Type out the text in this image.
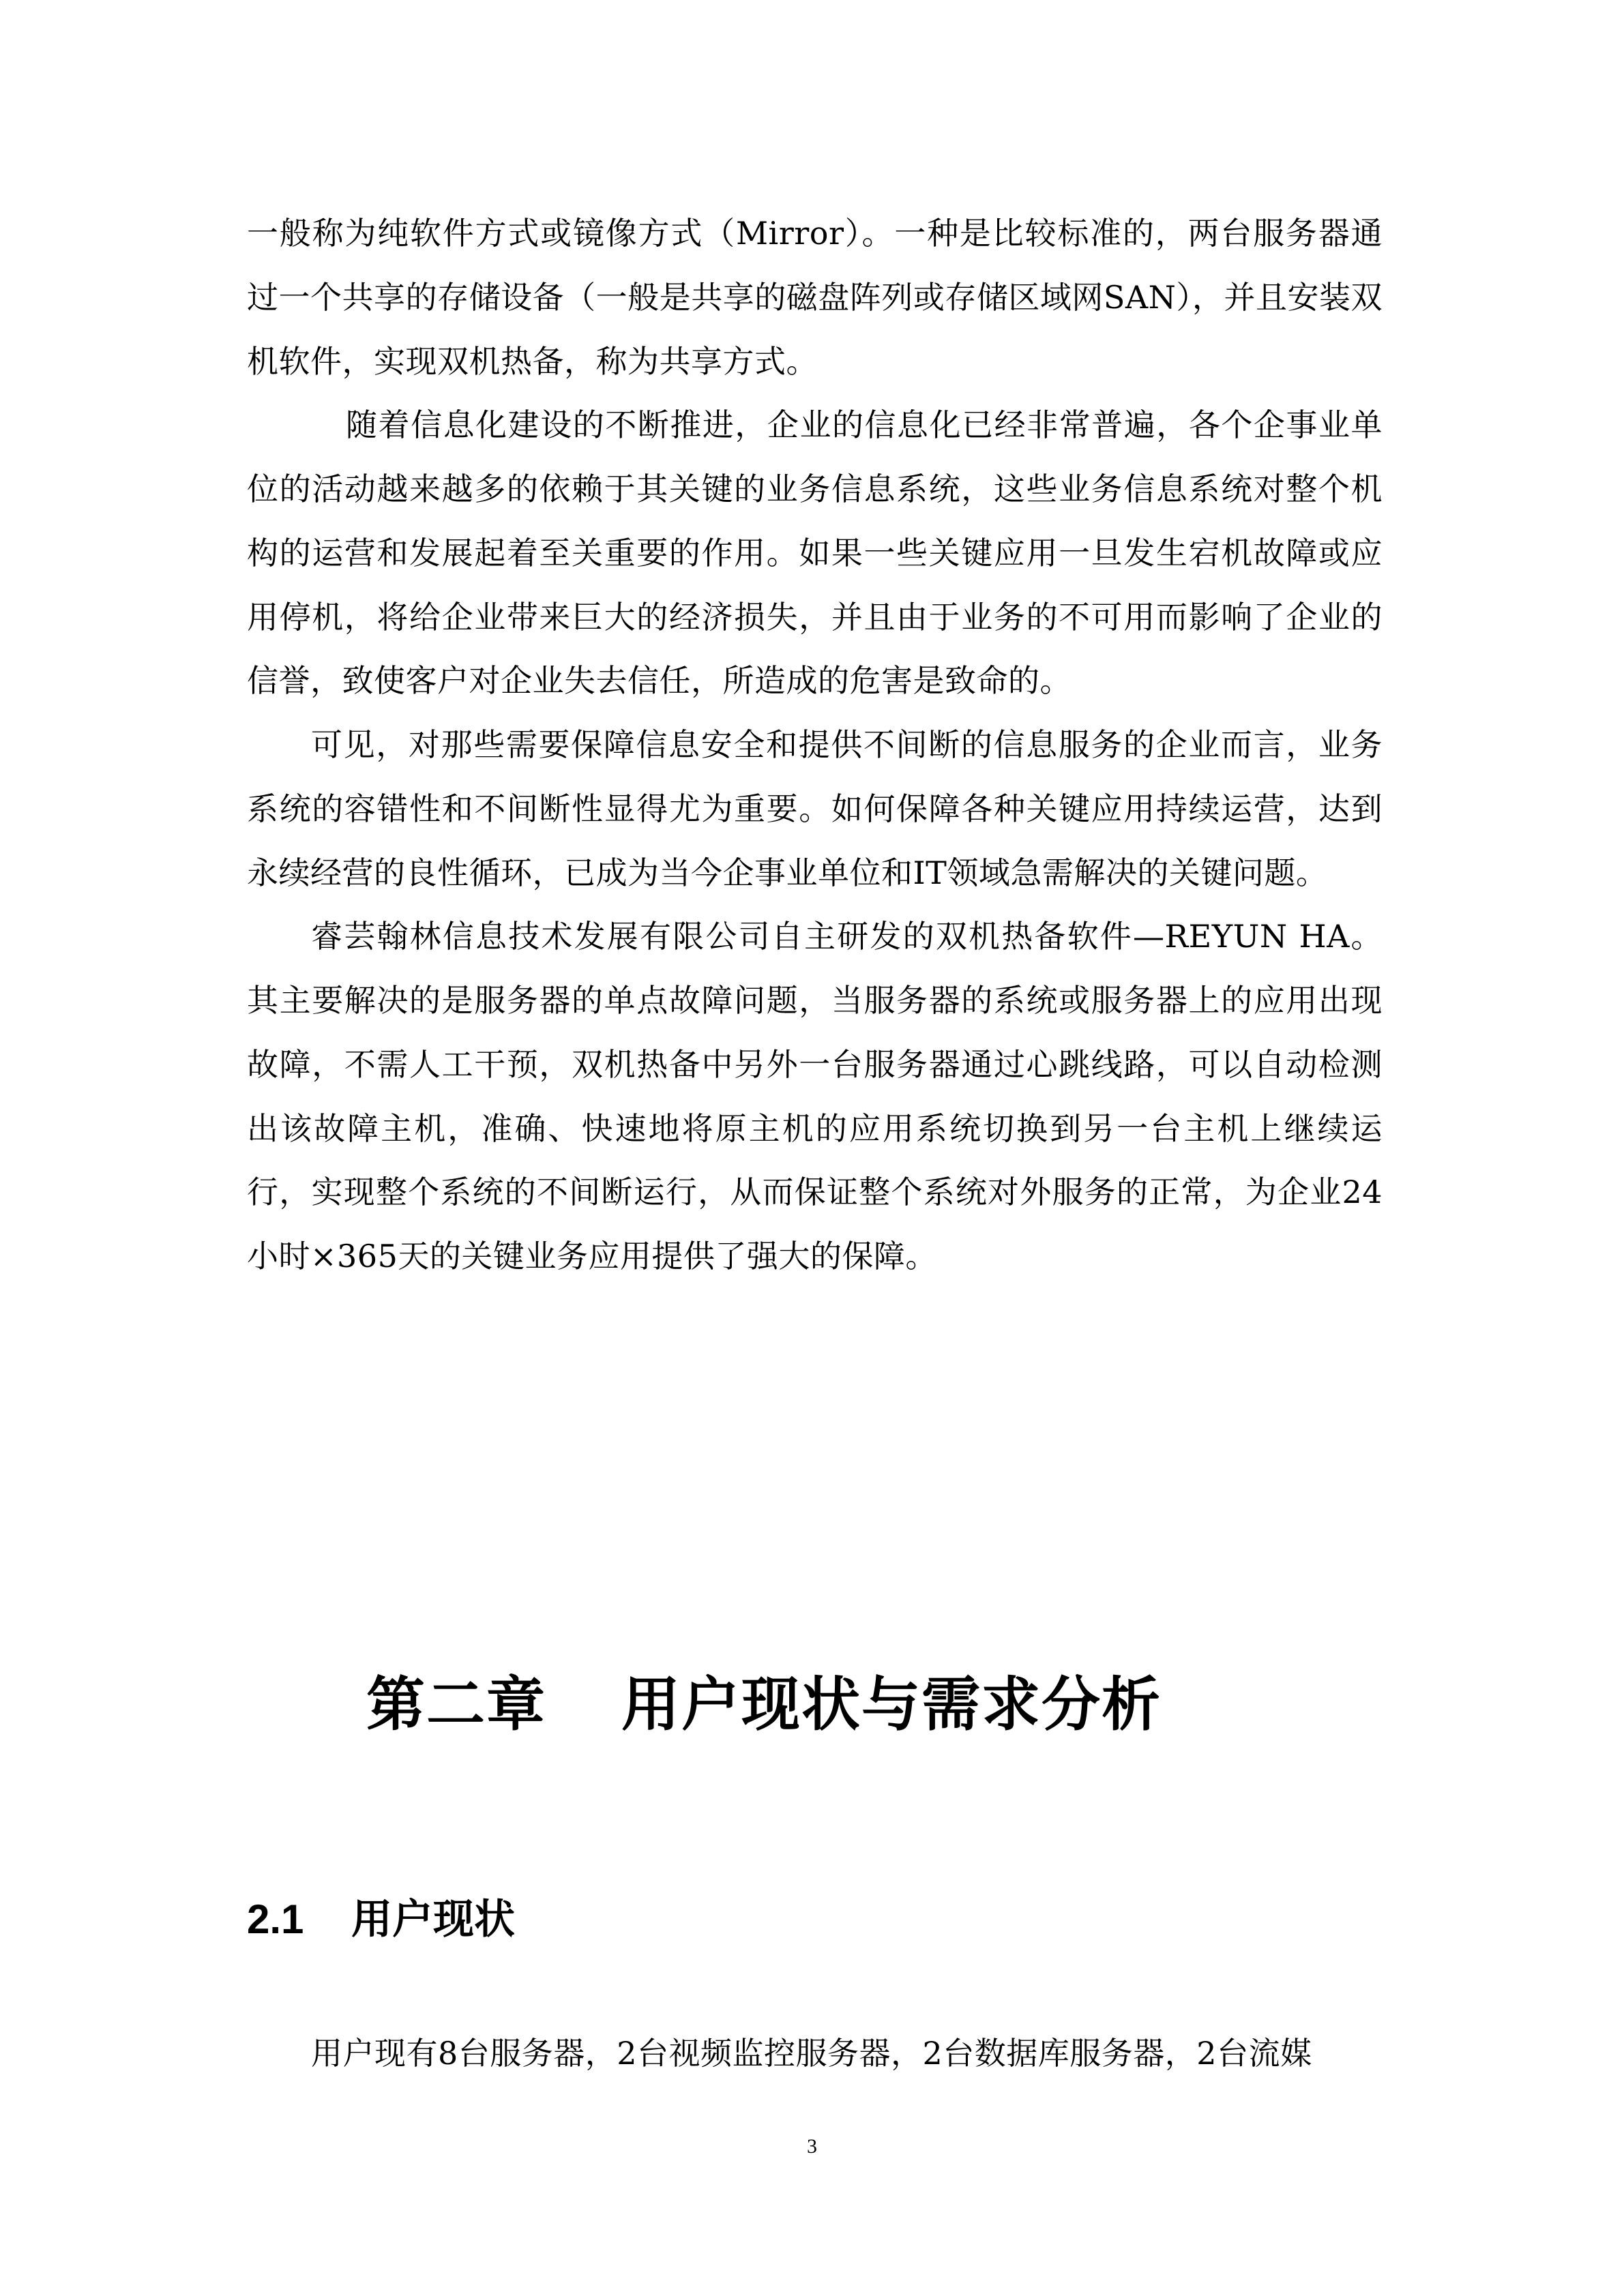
一般称为纯软件方式或镜像方式（Mirror）。一种是比较标准的，两台服务器通过一个共享的存储设备（一般是共享的磁盘阵列或存储区域网SAN），并且安装双机软件，实现双机热备，称为共享方式。

随着信息化建设的不断推进，企业的信息化已经非常普遍，各个企事业单位的活动越来越多的依赖于其关键的业务信息系统，这些业务信息系统对整个机构的运营和发展起着至关重要的作用。如果一些关键应用一旦发生宕机故障或应用停机，将给企业带来巨大的经济损失，并且由于业务的不可用而影响了企业的信誉，致使客户对企业失去信任，所造成的危害是致命的。

可见，对那些需要保障信息安全和提供不间断的信息服务的企业而言，业务系统的容错性和不间断性显得尤为重要。如何保障各种关键应用持续运营，达到永续经营的良性循环，已成为当今企事业单位和IT领域急需解决的关键问题。

睿芸翰林信息技术发展有限公司自主研发的双机热备软件—REYUN HA。其主要解决的是服务器的单点故障问题，当服务器的系统或服务器上的应用出现故障，不需人工干预，双机热备中另外一台服务器通过心跳线路，可以自动检测出该故障主机，准确、快速地将原主机的应用系统切换到另一台主机上继续运行，实现整个系统的不间断运行，从而保证整个系统对外服务的正常，为企业24小时×365天的关键业务应用提供了强大的保障。

第二章 用户现状与需求分析
2.1 用户现状

用户现有8台服务器，2台视频监控服务器，2台数据库服务器，2台流媒

3
